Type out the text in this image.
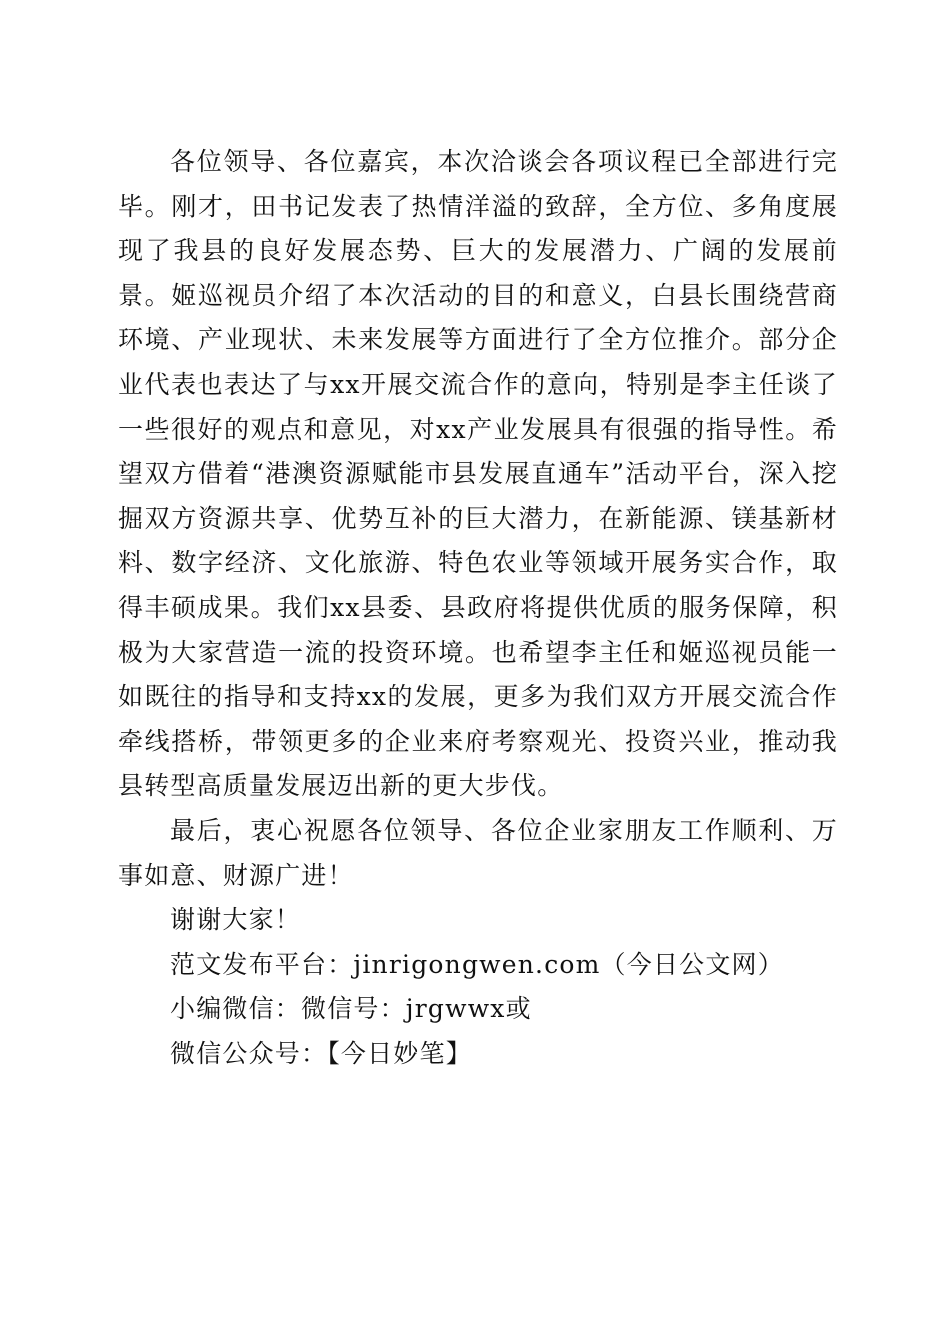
各位领导、各位嘉宾，本次洽谈会各项议程已全部进行完毕。刚才，田书记发表了热情洋溢的致辞，全方位、多角度展现了我县的良好发展态势、巨大的发展潜力、广阔的发展前景。姬巡视员介绍了本次活动的目的和意义，白县长围绕营商环境、产业现状、未来发展等方面进行了全方位推介。部分企业代表也表达了与xx开展交流合作的意向，特别是李主任谈了一些很好的观点和意见，对xx产业发展具有很强的指导性。希望双方借着“港澳资源赋能市县发展直通车”活动平台，深入挖掘双方资源共享、优势互补的巨大潜力，在新能源、镁基新材料、数字经济、文化旅游、特色农业等领域开展务实合作，取得丰硕成果。我们xx县委、县政府将提供优质的服务保障，积极为大家营造一流的投资环境。也希望李主任和姬巡视员能一如既往的指导和支持xx的发展，更多为我们双方开展交流合作牵线搭桥，带领更多的企业来府考察观光、投资兴业，推动我县转型高质量发展迈出新的更大步伐。

最后，衷心祝愿各位领导、各位企业家朋友工作顺利、万事如意、财源广进！

谢谢大家！

范文发布平台：jinrigongwen.com（今日公文网）

小编微信：微信号：jrgwwx或

微信公众号：【今日妙笔】
